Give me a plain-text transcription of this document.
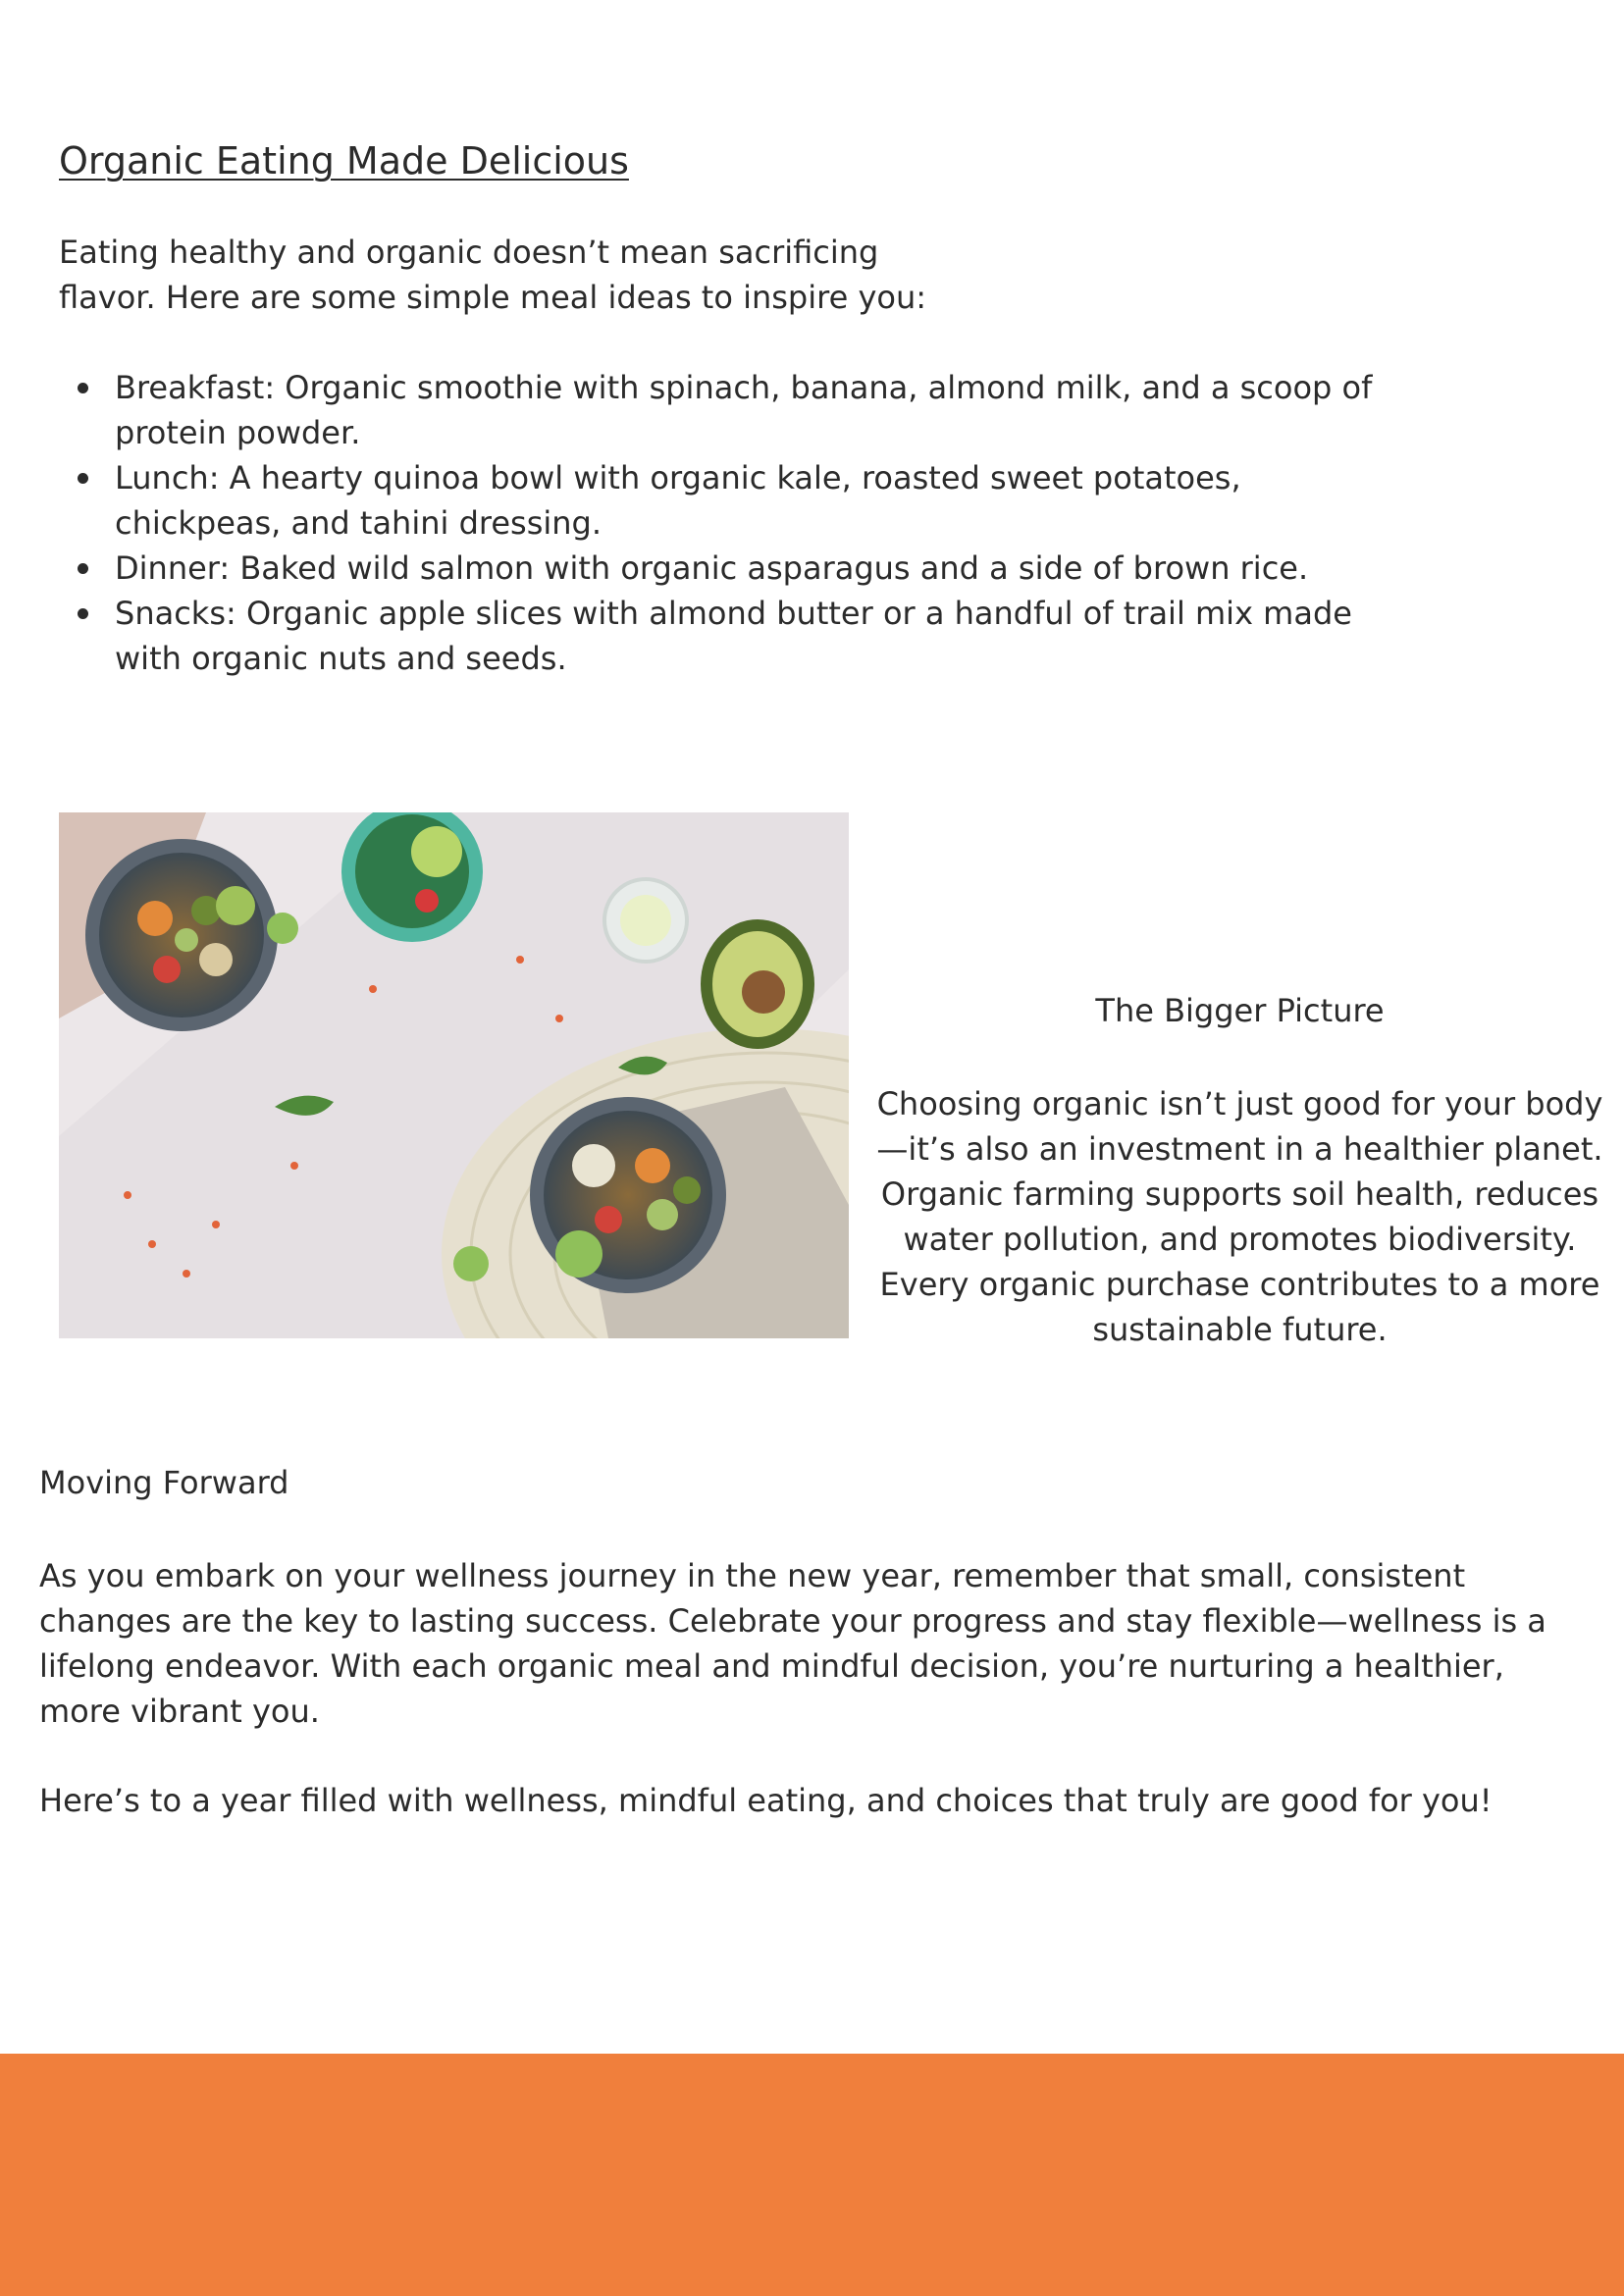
Organic Eating Made Delicious

Eating healthy and organic doesn’t mean sacrificing flavor. Here are some simple meal ideas to inspire you:

Breakfast: Organic smoothie with spinach, banana, almond milk, and a scoop of protein powder.
Lunch: A hearty quinoa bowl with organic kale, roasted sweet potatoes, chickpeas, and tahini dressing.
Dinner: Baked wild salmon with organic asparagus and a side of brown rice.
Snacks: Organic apple slices with almond butter or a handful of trail mix made with organic nuts and seeds.
The Bigger Picture

Choosing organic isn’t just good for your body—it’s also an investment in a healthier planet. Organic farming supports soil health, reduces water pollution, and promotes biodiversity. Every organic purchase contributes to a more sustainable future.

Moving Forward

As you embark on your wellness journey in the new year, remember that small, consistent changes are the key to lasting success. Celebrate your progress and stay flexible—wellness is a lifelong endeavor. With each organic meal and mindful decision, you’re nurturing a healthier, more vibrant you.

Here’s to a year filled with wellness, mindful eating, and choices that truly are good for you!
